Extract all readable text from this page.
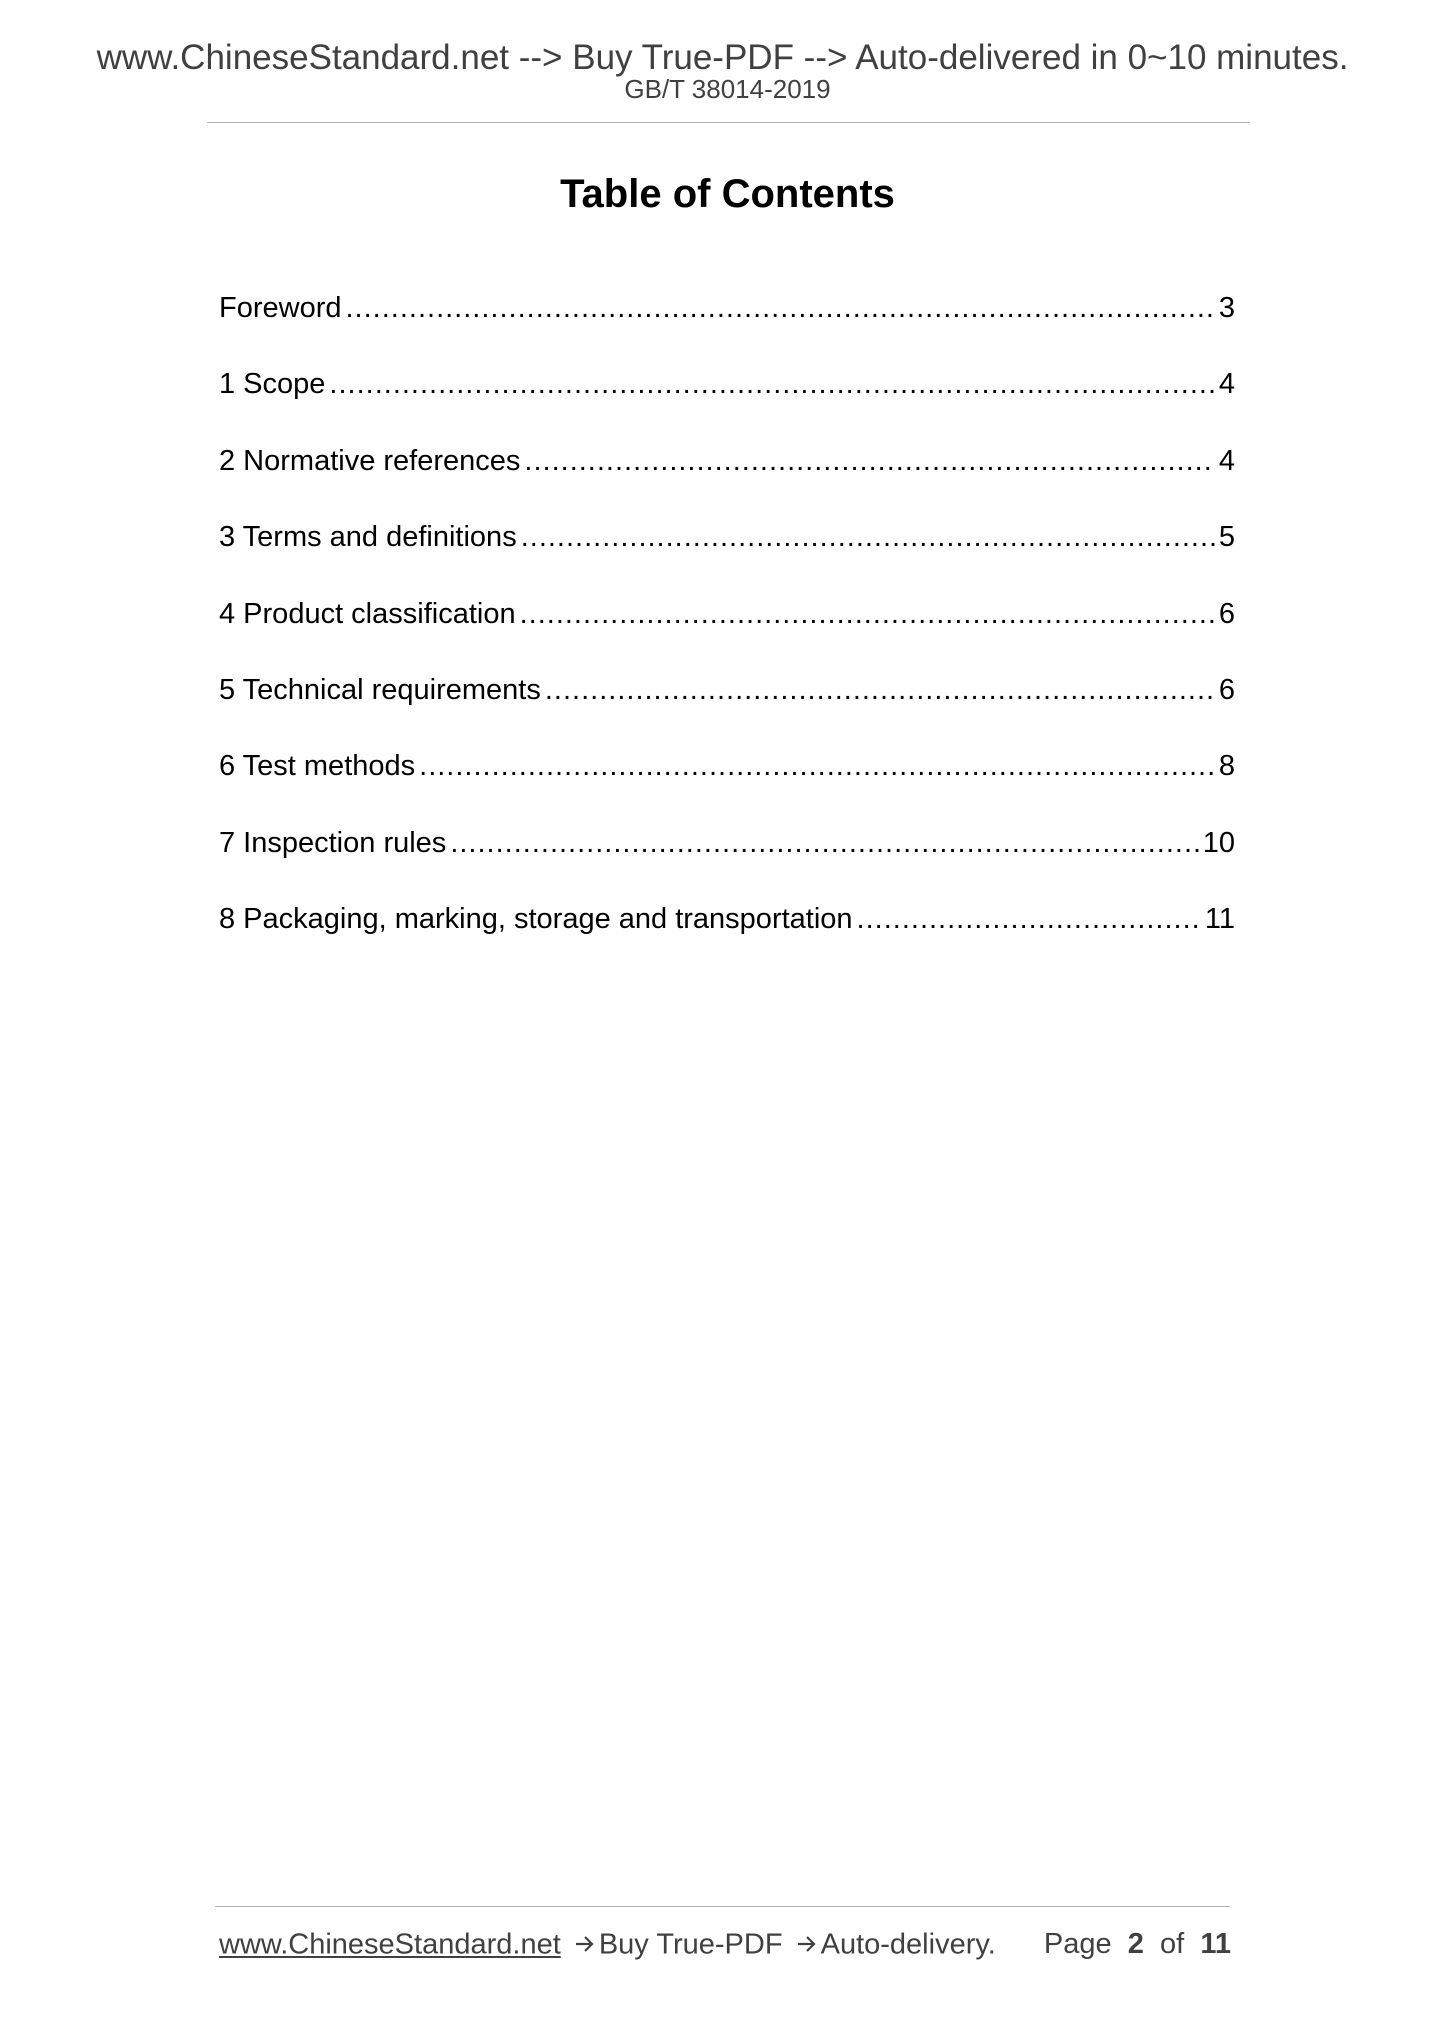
www.ChineseStandard.net --> Buy True-PDF --> Auto-delivered in 0~10 minutes.
GB/T 38014-2019
Table of Contents
Foreword .....	3
1 Scope .....	4
2 Normative references .....	4
3 Terms and definitions .....	5
4 Product classification .....	6
5 Technical requirements .....	6
6 Test methods .....	8
7 Inspection rules .....	10
8 Packaging, marking, storage and transportation .....	11
www.ChineseStandard.net Buy True-PDF Auto-delivery. Page 2 of 11
